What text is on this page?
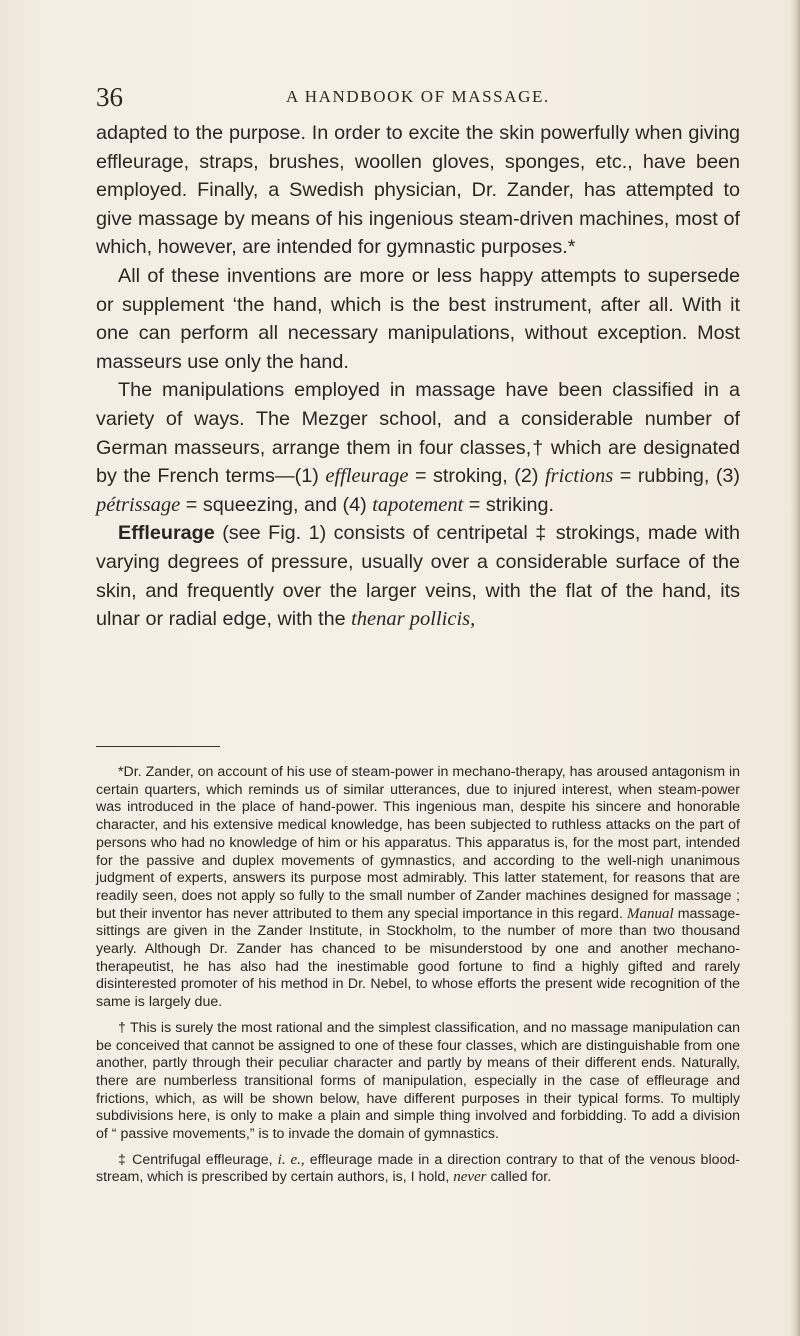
36	A HANDBOOK OF MASSAGE.

adapted to the purpose. In order to excite the skin powerfully when giving effleurage, straps, brushes, woollen gloves, sponges, etc., have been employed. Finally, a Swedish physician, Dr. Zander, has attempted to give massage by means of his ingenious steam-driven machines, most of which, however, are intended for gymnastic purposes.*

All of these inventions are more or less happy attempts to supersede or supplement ‘the hand, which is the best instrument, after all. With it one can perform all necessary manipulations, without exception. Most masseurs use only the hand.

The manipulations employed in massage have been classified in a variety of ways. The Mezger school, and a considerable number of German masseurs, arrange them in four classes,† which are designated by the French terms—(1) effleurage = stroking, (2) frictions = rubbing, (3) pétrissage = squeezing, and (4) tapotement = striking.

Effleurage (see Fig. 1) consists of centripetal ‡ strokings, made with varying degrees of pressure, usually over a considerable surface of the skin, and frequently over the larger veins, with the flat of the hand, its ulnar or radial edge, with the thenar pollicis,

*Dr. Zander, on account of his use of steam-power in mechano-therapy, has aroused antagonism in certain quarters, which reminds us of similar utterances, due to injured interest, when steam-power was introduced in the place of hand-power. This ingenious man, despite his sincere and honorable character, and his extensive medical knowledge, has been subjected to ruthless attacks on the part of persons who had no knowledge of him or his apparatus. This apparatus is, for the most part, intended for the passive and duplex movements of gymnastics, and according to the well-nigh unanimous judgment of experts, answers its purpose most admirably. This latter statement, for reasons that are readily seen, does not apply so fully to the small number of Zander machines designed for massage ; but their inventor has never attributed to them any special importance in this regard. Manual massage-sittings are given in the Zander Institute, in Stockholm, to the number of more than two thousand yearly. Although Dr. Zander has chanced to be misunderstood by one and another mechano-therapeutist, he has also had the inestimable good fortune to find a highly gifted and rarely disinterested promoter of his method in Dr. Nebel, to whose efforts the present wide recognition of the same is largely due.

† This is surely the most rational and the simplest classification, and no massage manipulation can be conceived that cannot be assigned to one of these four classes, which are distinguishable from one another, partly through their peculiar character and partly by means of their different ends. Naturally, there are numberless transitional forms of manipulation, especially in the case of effleurage and frictions, which, as will be shown below, have different purposes in their typical forms. To multiply subdivisions here, is only to make a plain and simple thing involved and forbidding. To add a division of “ passive movements,” is to invade the domain of gymnastics.

‡ Centrifugal effleurage, i. e., effleurage made in a direction contrary to that of the venous blood-stream, which is prescribed by certain authors, is, I hold, never called for.
